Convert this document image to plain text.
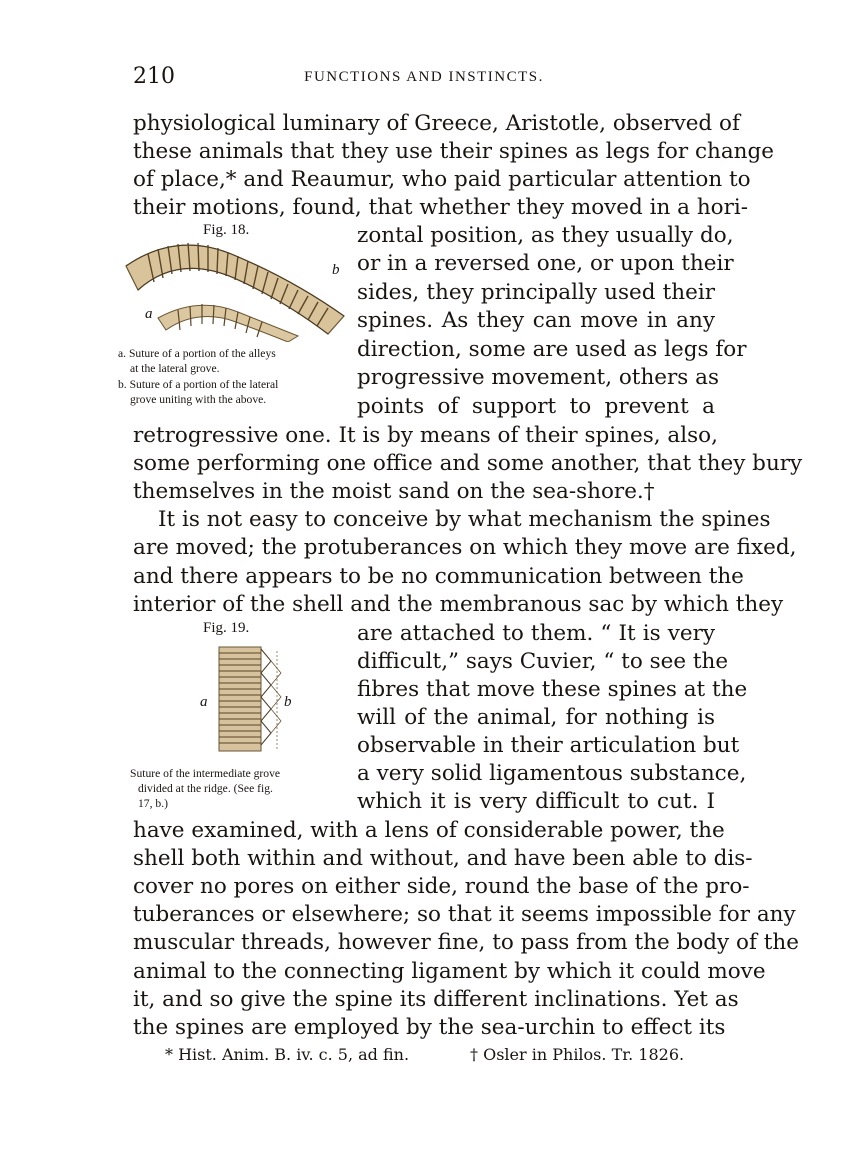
210	FUNCTIONS AND INSTINCTS.
physiological luminary of Greece, Aristotle, observed of
these animals that they use their spines as legs for change
of place,* and Reaumur, who paid particular attention to
their motions, found, that whether they moved in a hori-
Fig. 18.
a
b
a. Suture of a portion of the alleys
at the lateral grove.
b. Suture of a portion of the lateral
grove uniting with the above.
zontal position, as they usually do,
or in a reversed one, or upon their
sides, they principally used their
spines. As they can move in any
direction, some are used as legs for
progressive movement, others as
points of support to prevent a
retrogressive one. It is by means of their spines, also,
some performing one office and some another, that they bury
themselves in the moist sand on the sea-shore.†
It is not easy to conceive by what mechanism the spines
are moved; the protuberances on which they move are fixed,
and there appears to be no communication between the
interior of the shell and the membranous sac by which they
Fig. 19.
a	b
Suture of the intermediate grove
divided at the ridge. (See fig.
17, b.)
are attached to them. “ It is very
difficult,” says Cuvier, “ to see the
fibres that move these spines at the
will of the animal, for nothing is
observable in their articulation but
a very solid ligamentous substance,
which it is very difficult to cut. I
have examined, with a lens of considerable power, the
shell both within and without, and have been able to dis-
cover no pores on either side, round the base of the pro-
tuberances or elsewhere; so that it seems impossible for any
muscular threads, however fine, to pass from the body of the
animal to the connecting ligament by which it could move
it, and so give the spine its different inclinations. Yet as
the spines are employed by the sea-urchin to effect its
* Hist. Anim. B. iv. c. 5, ad fin.	† Osler in Philos. Tr. 1826.
